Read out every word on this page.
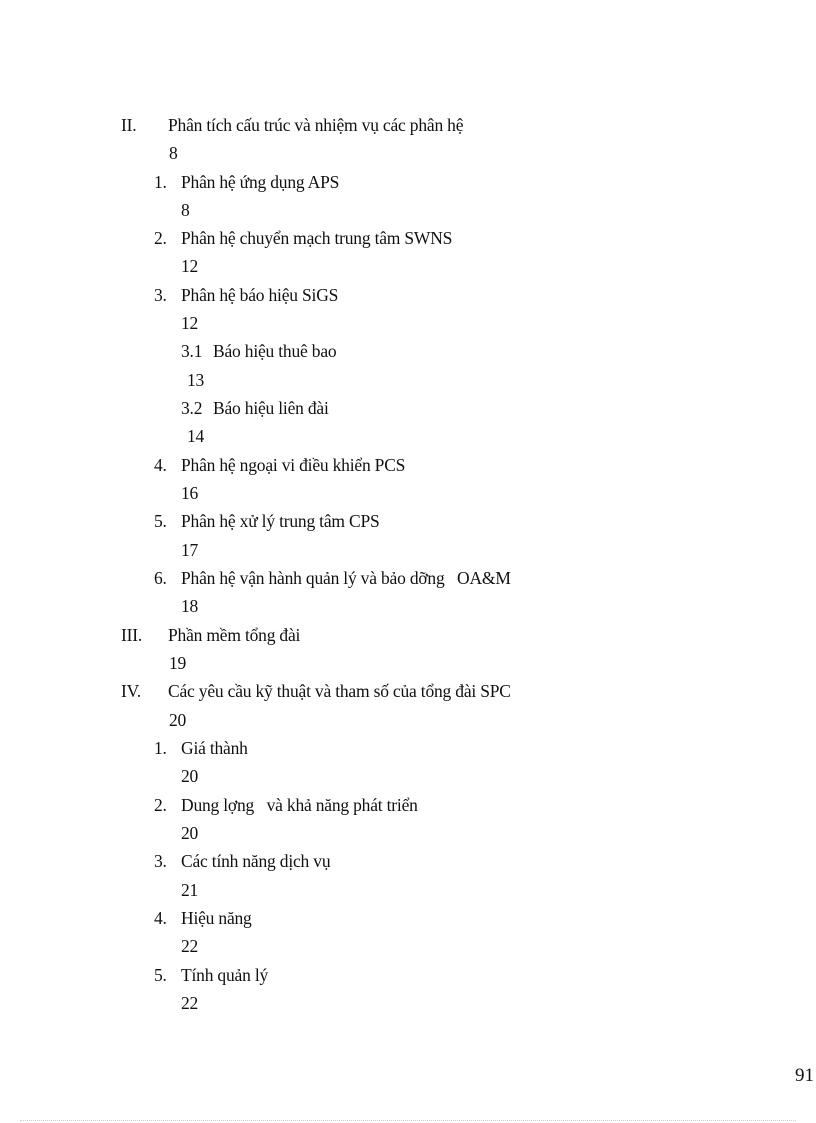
II. Phân tích cấu trúc và nhiệm vụ các phân hệ
8
1. Phân hệ ứng dụng APS
8
2. Phân hệ chuyển mạch trung tâm SWNS
12
3. Phân hệ báo hiệu SiGS
12
3.1 Báo hiệu thuê bao
13
3.2 Báo hiệu liên đài
14
4. Phân hệ ngoại vi điều khiển PCS
16
5. Phân hệ xử lý trung tâm CPS
17
6. Phân hệ vận hành quản lý và bảo dỡng   OA&M
18
III. Phần mềm tổng đài
19
IV. Các yêu cầu kỹ thuật và tham số của tổng đài SPC
20
1. Giá thành
20
2. Dung lợng   và khả năng phát triển
20
3. Các tính năng dịch vụ
21
4. Hiệu năng
22
5. Tính quản lý
22
91
